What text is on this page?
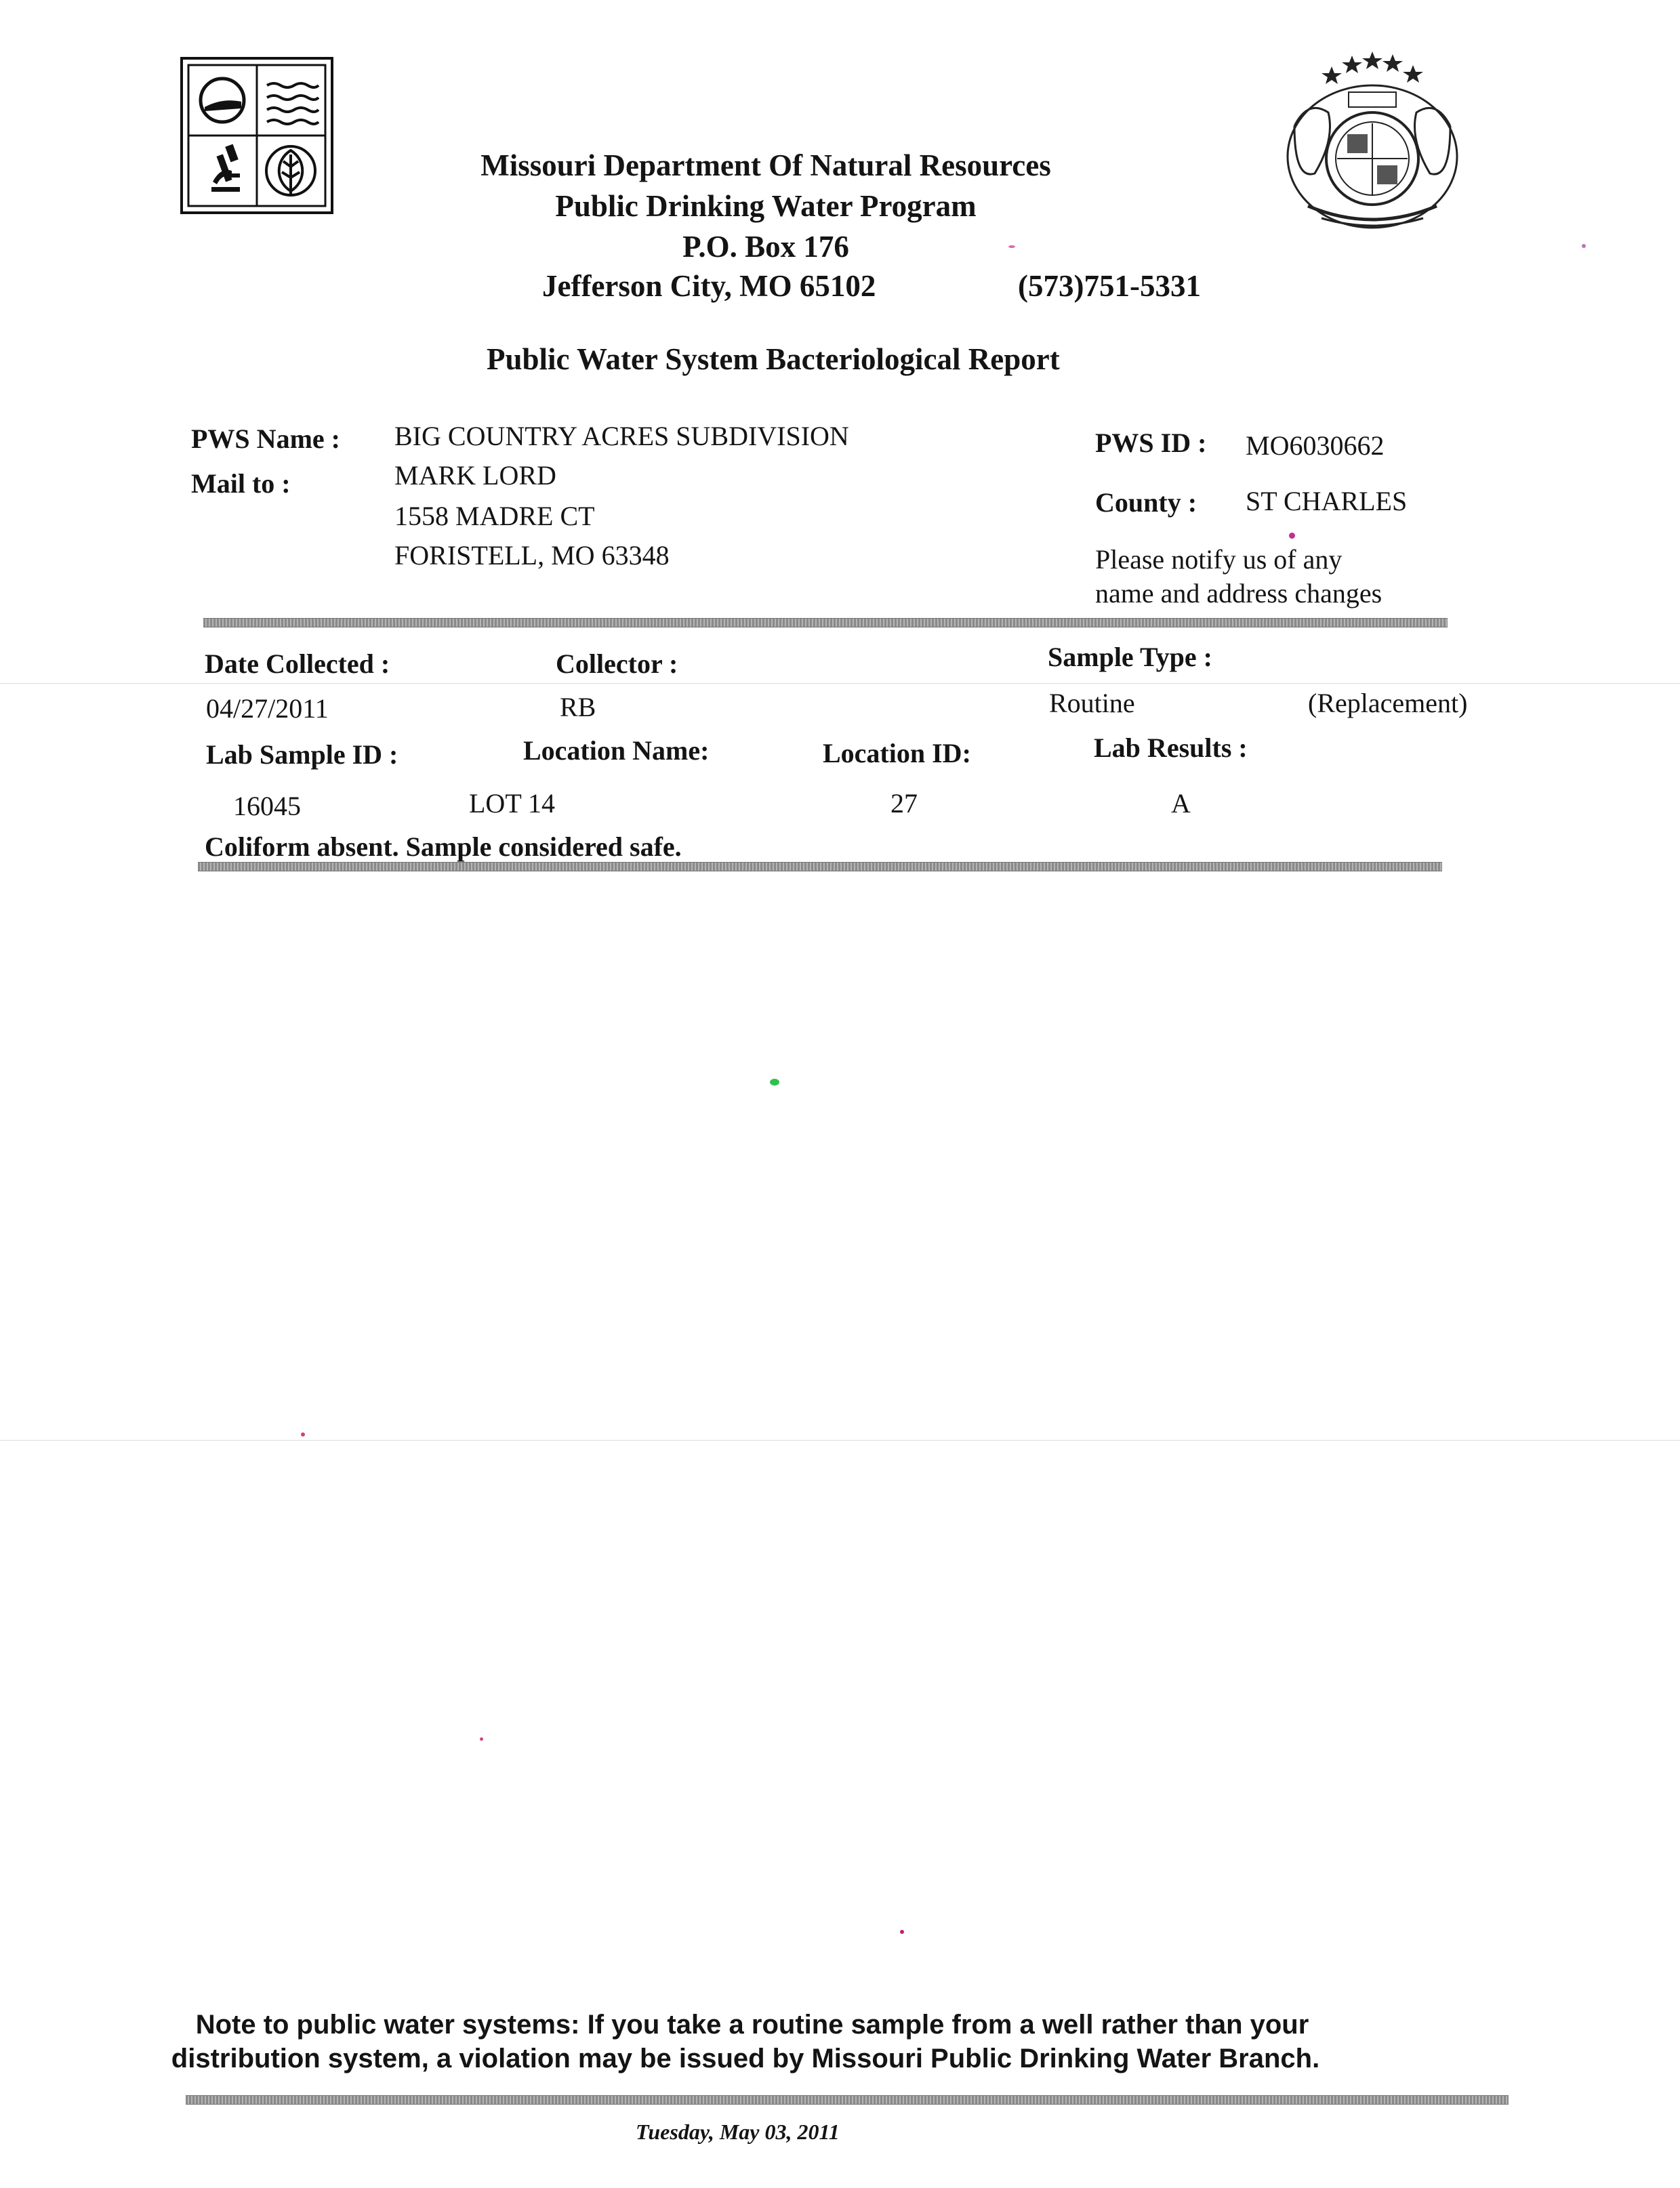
Missouri Department Of Natural Resources
Public Drinking Water Program
P.O. Box 176
Jefferson City, MO 65102	(573)751-5331
Public Water System Bacteriological Report
PWS Name : BIG COUNTRY ACRES SUBDIVISION
Mail to :	MARK LORD
1558 MADRE CT
FORISTELL, MO 63348
PWS ID : MO6030662
County : ST CHARLES
Please notify us of any
name and address changes
Date Collected :
04/27/2011
Collector :
RB
Sample Type :
Routine	(Replacement)
Lab Sample ID :	Location Name:	Location ID:	Lab Results :
16045	LOT 14	27	A
Coliform absent. Sample considered safe.
Note to public water systems: If you take a routine sample from a well rather than your
distribution system, a violation may be issued by Missouri Public Drinking Water Branch.
Tuesday, May 03, 2011
